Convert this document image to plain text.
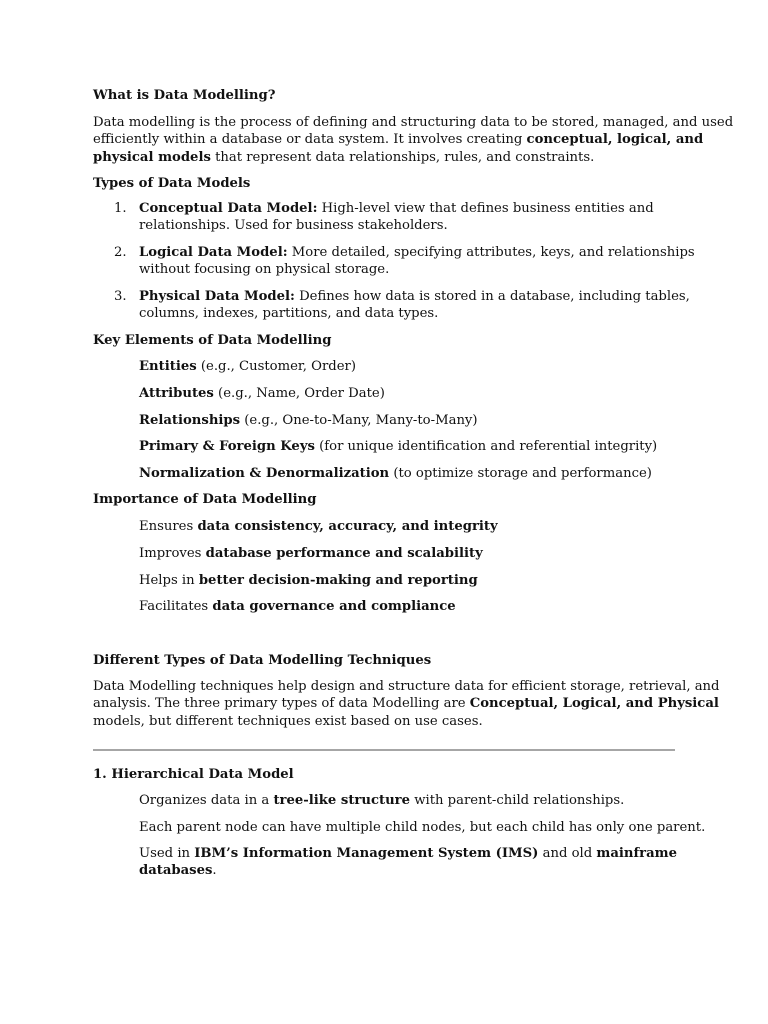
What is Data Modelling?

Data modelling is the process of defining and structuring data to be stored, managed, and used
efficiently within a database or data system. It involves creating conceptual, logical, and
physical models that represent data relationships, rules, and constraints.

Types of Data Models

1. Conceptual Data Model: High-level view that defines business entities and
relationships. Used for business stakeholders.

2. Logical Data Model: More detailed, specifying attributes, keys, and relationships
without focusing on physical storage.

3. Physical Data Model: Defines how data is stored in a database, including tables,
columns, indexes, partitions, and data types.

Key Elements of Data Modelling

Entities (e.g., Customer, Order)

Attributes (e.g., Name, Order Date)

Relationships (e.g., One-to-Many, Many-to-Many)

Primary & Foreign Keys (for unique identification and referential integrity)

Normalization & Denormalization (to optimize storage and performance)

Importance of Data Modelling

Ensures data consistency, accuracy, and integrity

Improves database performance and scalability

Helps in better decision-making and reporting

Facilitates data governance and compliance

Different Types of Data Modelling Techniques

Data Modelling techniques help design and structure data for efficient storage, retrieval, and
analysis. The three primary types of data Modelling are Conceptual, Logical, and Physical
models, but different techniques exist based on use cases.

1. Hierarchical Data Model

Organizes data in a tree-like structure with parent-child relationships.

Each parent node can have multiple child nodes, but each child has only one parent.

Used in IBM’s Information Management System (IMS) and old mainframe
databases.
